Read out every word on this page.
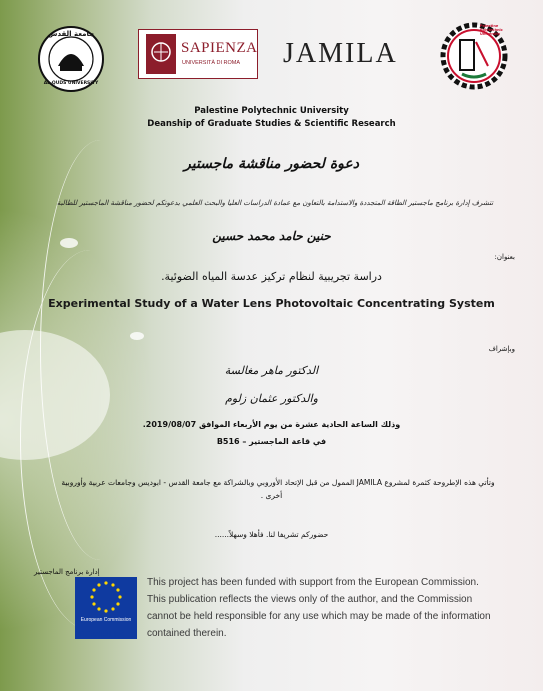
جامعة القدس
AL-QUDS UNIVERSITY
SAPIENZA
UNIVERSITÀ DI ROMA JAMILA
Palestine Polytechnic University
Palestine Polytechnic University
Deanship of Graduate Studies & Scientific Research
دعوة لحضور مناقشة ماجستير
تتشرف إدارة برنامج ماجستير الطاقة المتجددة والاستدامة بالتعاون مع عمادة الدراسات العليا والبحث العلمي بدعوتكم لحضور مناقشة الماجستير للطالبة
حنين حامد محمد حسين
بعنوان:
دراسة تجريبية لنظام تركيز عدسة المياه الضوئية.
Experimental Study of a Water Lens Photovoltaic Concentrating System
وبإشراف
الدكتور ماهر مغالسة
والدكتور عثمان زلوم
وذلك الساعة الحادية عشرة من يوم الأربعاء الموافق 2019/08/07.
في قاعة الماجستير – B516
وتأتي هذه الإطروحة كثمرة لمشروع JAMILA الممول من قبل الإتحاد الأوروبي وبالشراكة مع جامعة القدس - ابوديس وجامعات عربية وأوروبية
أخرى .
حضوركم تشريفا لنا. فأهلا وسهلاً......
إدارة برنامج الماجستير
European Commission
TEMPUS
This project has been funded with support from the European Commission.
This publication reflects the views only of the author, and the Commission
cannot be held responsible for any use which may be made of the information
contained therein.
